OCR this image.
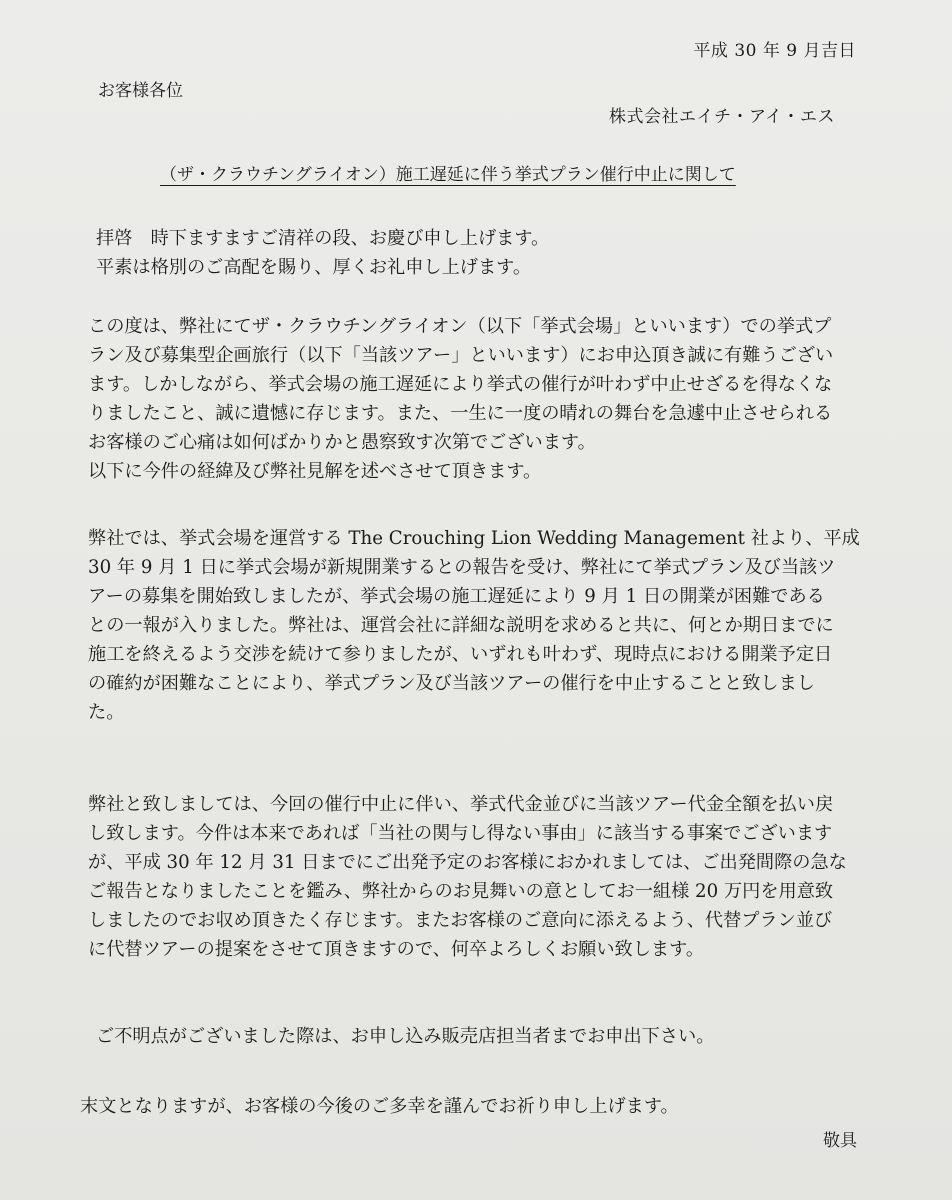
平成 30 年 9 月吉日
お客様各位
株式会社エイチ・アイ・エス
（ザ・クラウチングライオン）施工遅延に伴う挙式プラン催行中止に関して
拝啓　時下ますますご清祥の段、お慶び申し上げます。
平素は格別のご高配を賜り、厚くお礼申し上げます。
この度は、弊社にてザ・クラウチングライオン（以下「挙式会場」といいます）での挙式プ
ラン及び募集型企画旅行（以下「当該ツアー」といいます）にお申込頂き誠に有難うござい
ます。しかしながら、挙式会場の施工遅延により挙式の催行が叶わず中止せざるを得なくな
りましたこと、誠に遺憾に存じます。また、一生に一度の晴れの舞台を急遽中止させられる
お客様のご心痛は如何ばかりかと愚察致す次第でございます。
以下に今件の経緯及び弊社見解を述べさせて頂きます。
弊社では、挙式会場を運営する The Crouching Lion Wedding Management 社より、平成
30 年 9 月 1 日に挙式会場が新規開業するとの報告を受け、弊社にて挙式プラン及び当該ツ
アーの募集を開始致しましたが、挙式会場の施工遅延により 9 月 1 日の開業が困難である
との一報が入りました。弊社は、運営会社に詳細な説明を求めると共に、何とか期日までに
施工を終えるよう交渉を続けて参りましたが、いずれも叶わず、現時点における開業予定日
の確約が困難なことにより、挙式プラン及び当該ツアーの催行を中止することと致しまし
た。
弊社と致しましては、今回の催行中止に伴い、挙式代金並びに当該ツアー代金全額を払い戻
し致します。今件は本来であれば「当社の関与し得ない事由」に該当する事案でございます
が、平成 30 年 12 月 31 日までにご出発予定のお客様におかれましては、ご出発間際の急な
ご報告となりましたことを鑑み、弊社からのお見舞いの意としてお一組様 20 万円を用意致
しましたのでお収め頂きたく存じます。またお客様のご意向に添えるよう、代替プラン並び
に代替ツアーの提案をさせて頂きますので、何卒よろしくお願い致します。
ご不明点がございました際は、お申し込み販売店担当者までお申出下さい。
末文となりますが、お客様の今後のご多幸を謹んでお祈り申し上げます。
敬具
